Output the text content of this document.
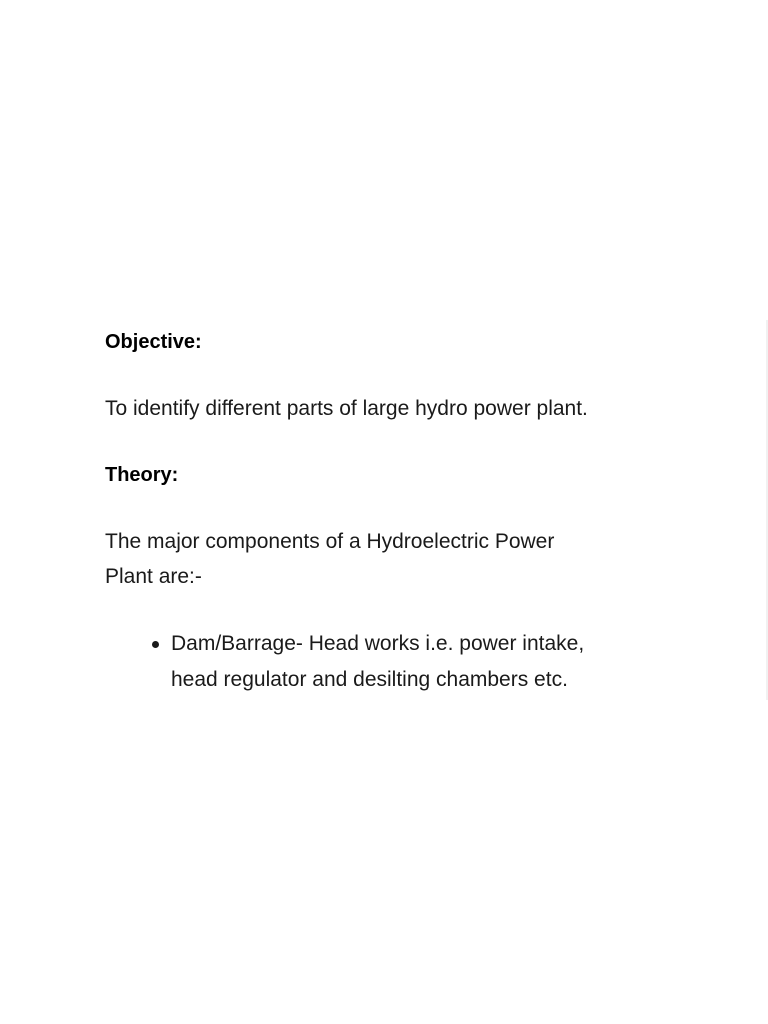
Objective:

To identify different parts of large hydro power plant.

Theory:

The major components of a Hydroelectric Power Plant are:-

Dam/Barrage- Head works i.e. power intake, head regulator and desilting chambers etc.
